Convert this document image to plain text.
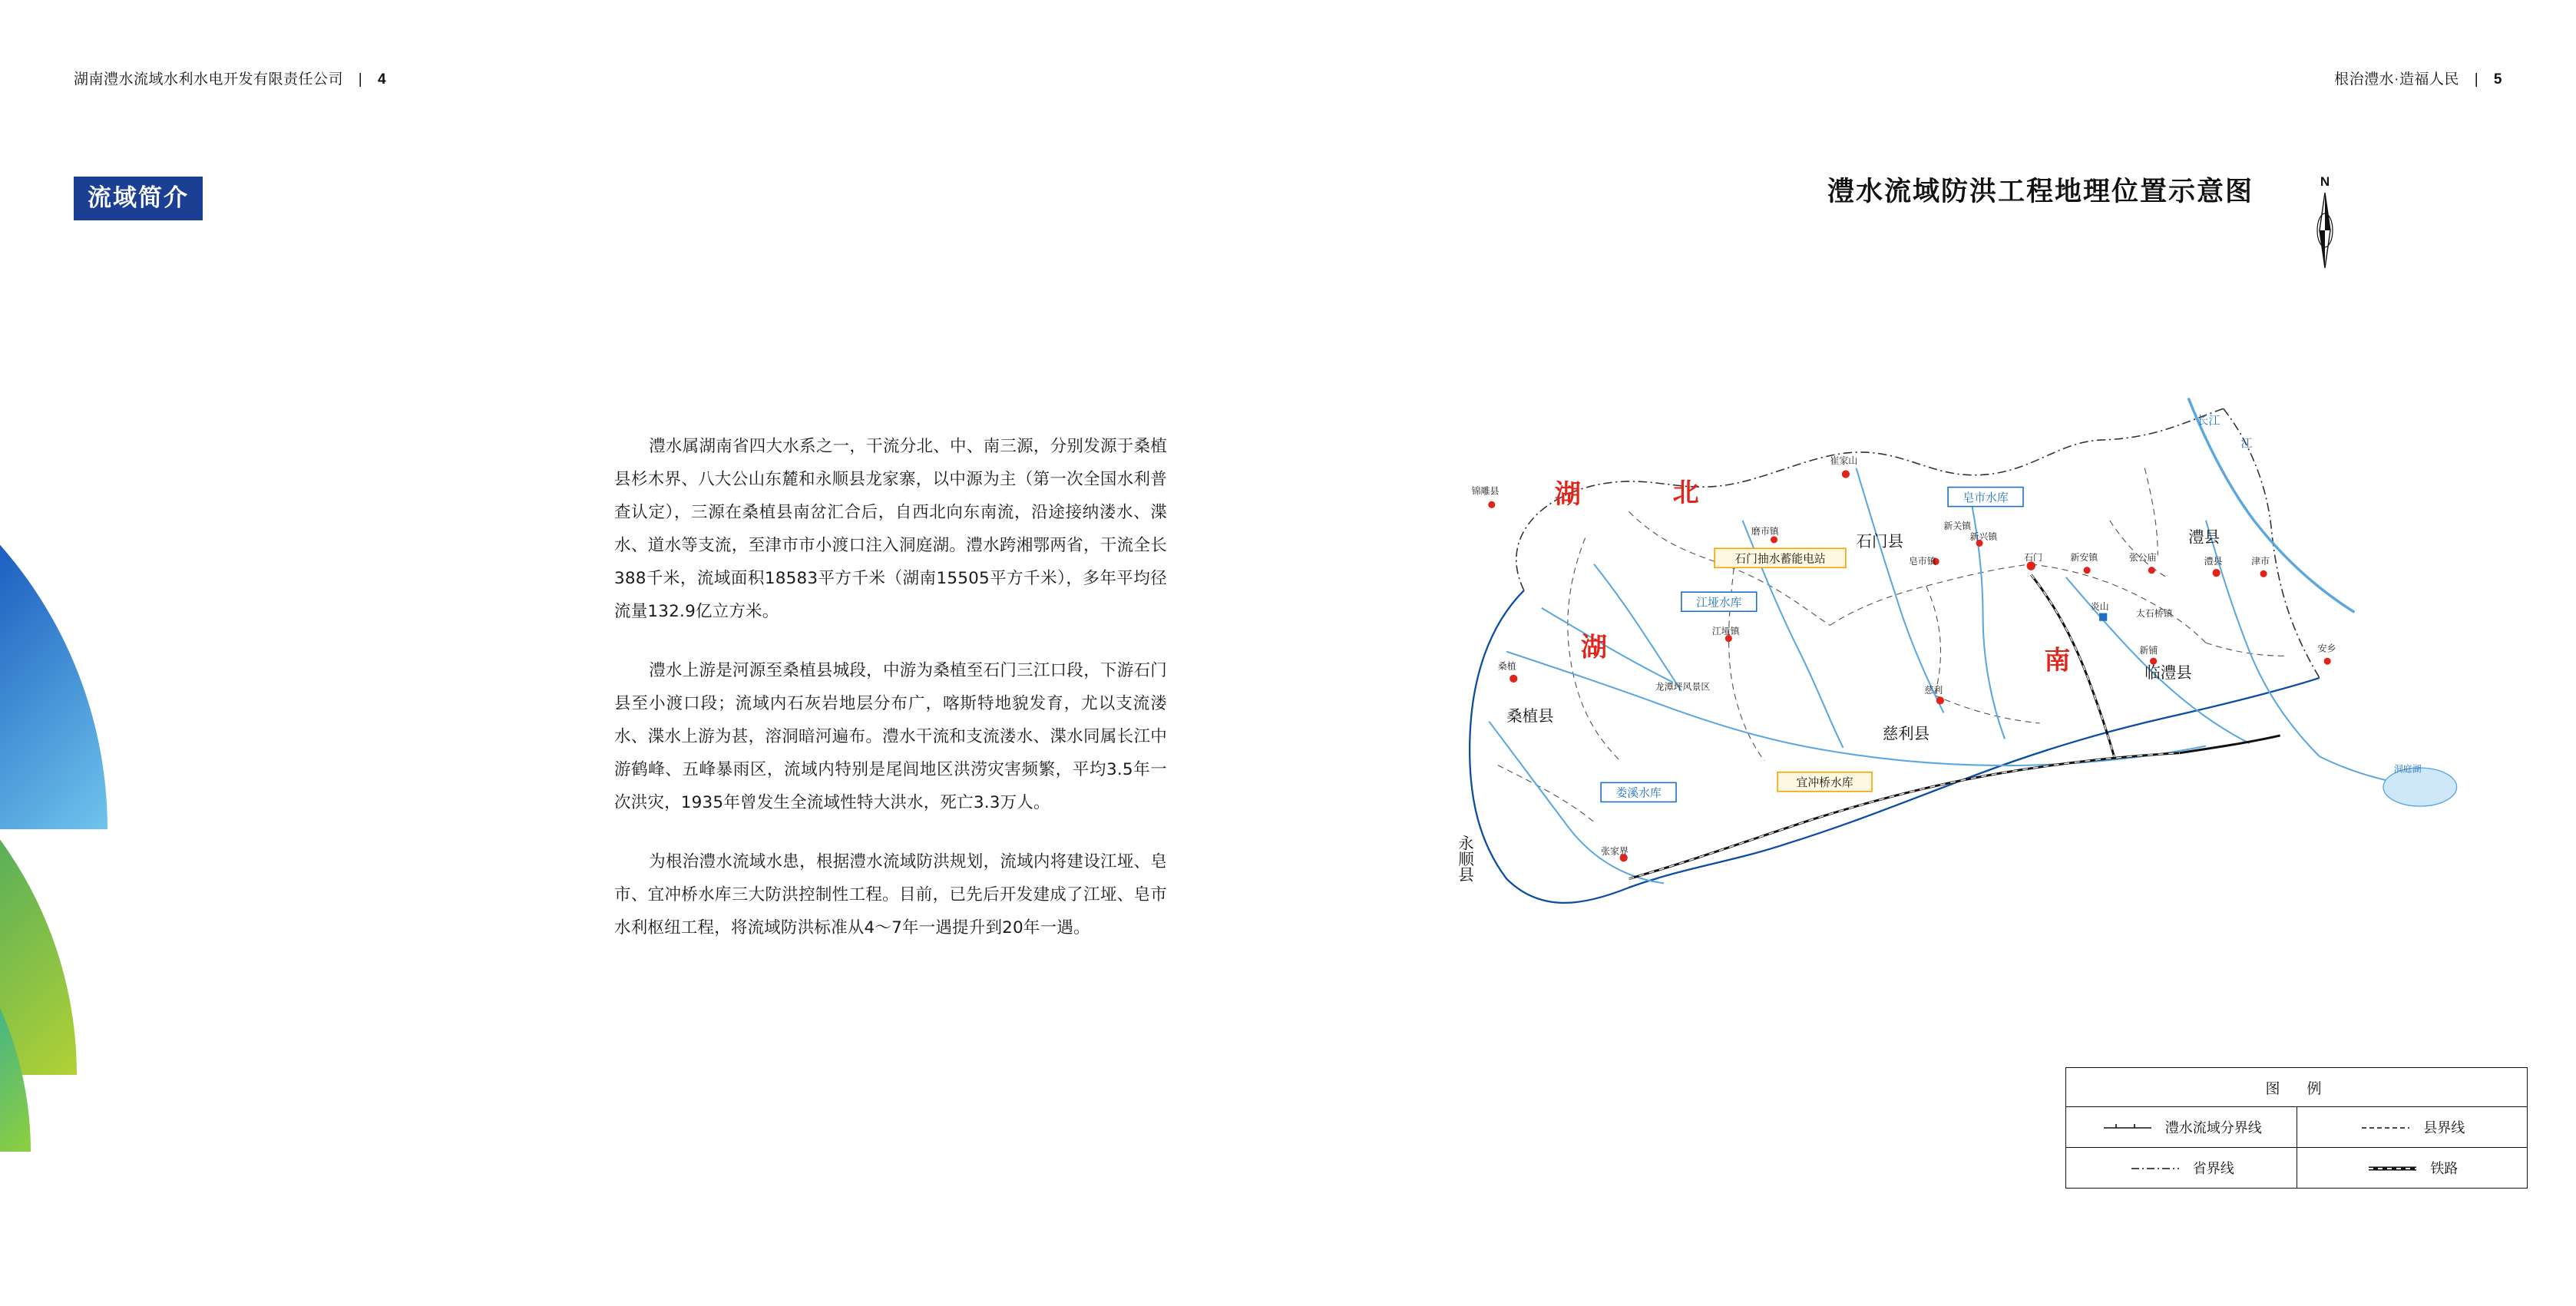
湖南澧水流域水利水电开发有限责任公司 | 4	根治澧水·造福人民 | 5
流域简介

澧水属湖南省四大水系之一，干流分北、中、南三源，分别发源于桑植县杉木界、八大公山东麓和永顺县龙家寨，以中源为主（第一次全国水利普查认定），三源在桑植县南岔汇合后，自西北向东南流，沿途接纳溇水、渫水、道水等支流，至津市市小渡口注入洞庭湖。澧水跨湘鄂两省，干流全长388千米，流域面积18583平方千米（湖南15505平方千米），多年平均径流量132.9亿立方米。

澧水上游是河源至桑植县城段，中游为桑植至石门三江口段，下游石门县至小渡口段；流域内石灰岩地层分布广，喀斯特地貌发育，尤以支流溇水、渫水上游为甚，溶洞暗河遍布。澧水干流和支流溇水、渫水同属长江中游鹤峰、五峰暴雨区，流域内特别是尾闾地区洪涝灾害频繁，平均3.5年一次洪灾，1935年曾发生全流域性特大洪水，死亡3.3万人。

为根治澧水流域水患，根据澧水流域防洪规划，流域内将建设江垭、皂市、宜冲桥水库三大防洪控制性工程。目前，已先后开发建成了江垭、皂市水利枢纽工程，将流域防洪标准从4～7年一遇提升到20年一遇。

澧水流域防洪工程地理位置示意图	N
皂市水库
江垭水库
宜冲桥水库
石门抽水蓄能电站
娄溪水库
湖	北
湖	南
石门县	澧县
临澧县
慈利县
桑植县
永顺县
崔家山
锦雕县
磨市镇	新关镇
新兴镇
皂市镇	石门	新安镇	张公庙	澧县	津市
江垭镇
炎山
太石桥镇
桑植
龙潭坪风景区
新铺
慈利
安乡
张家界
洞庭湖
长江
江
图　例
澧水流域分界线	县界线
省界线	铁路
